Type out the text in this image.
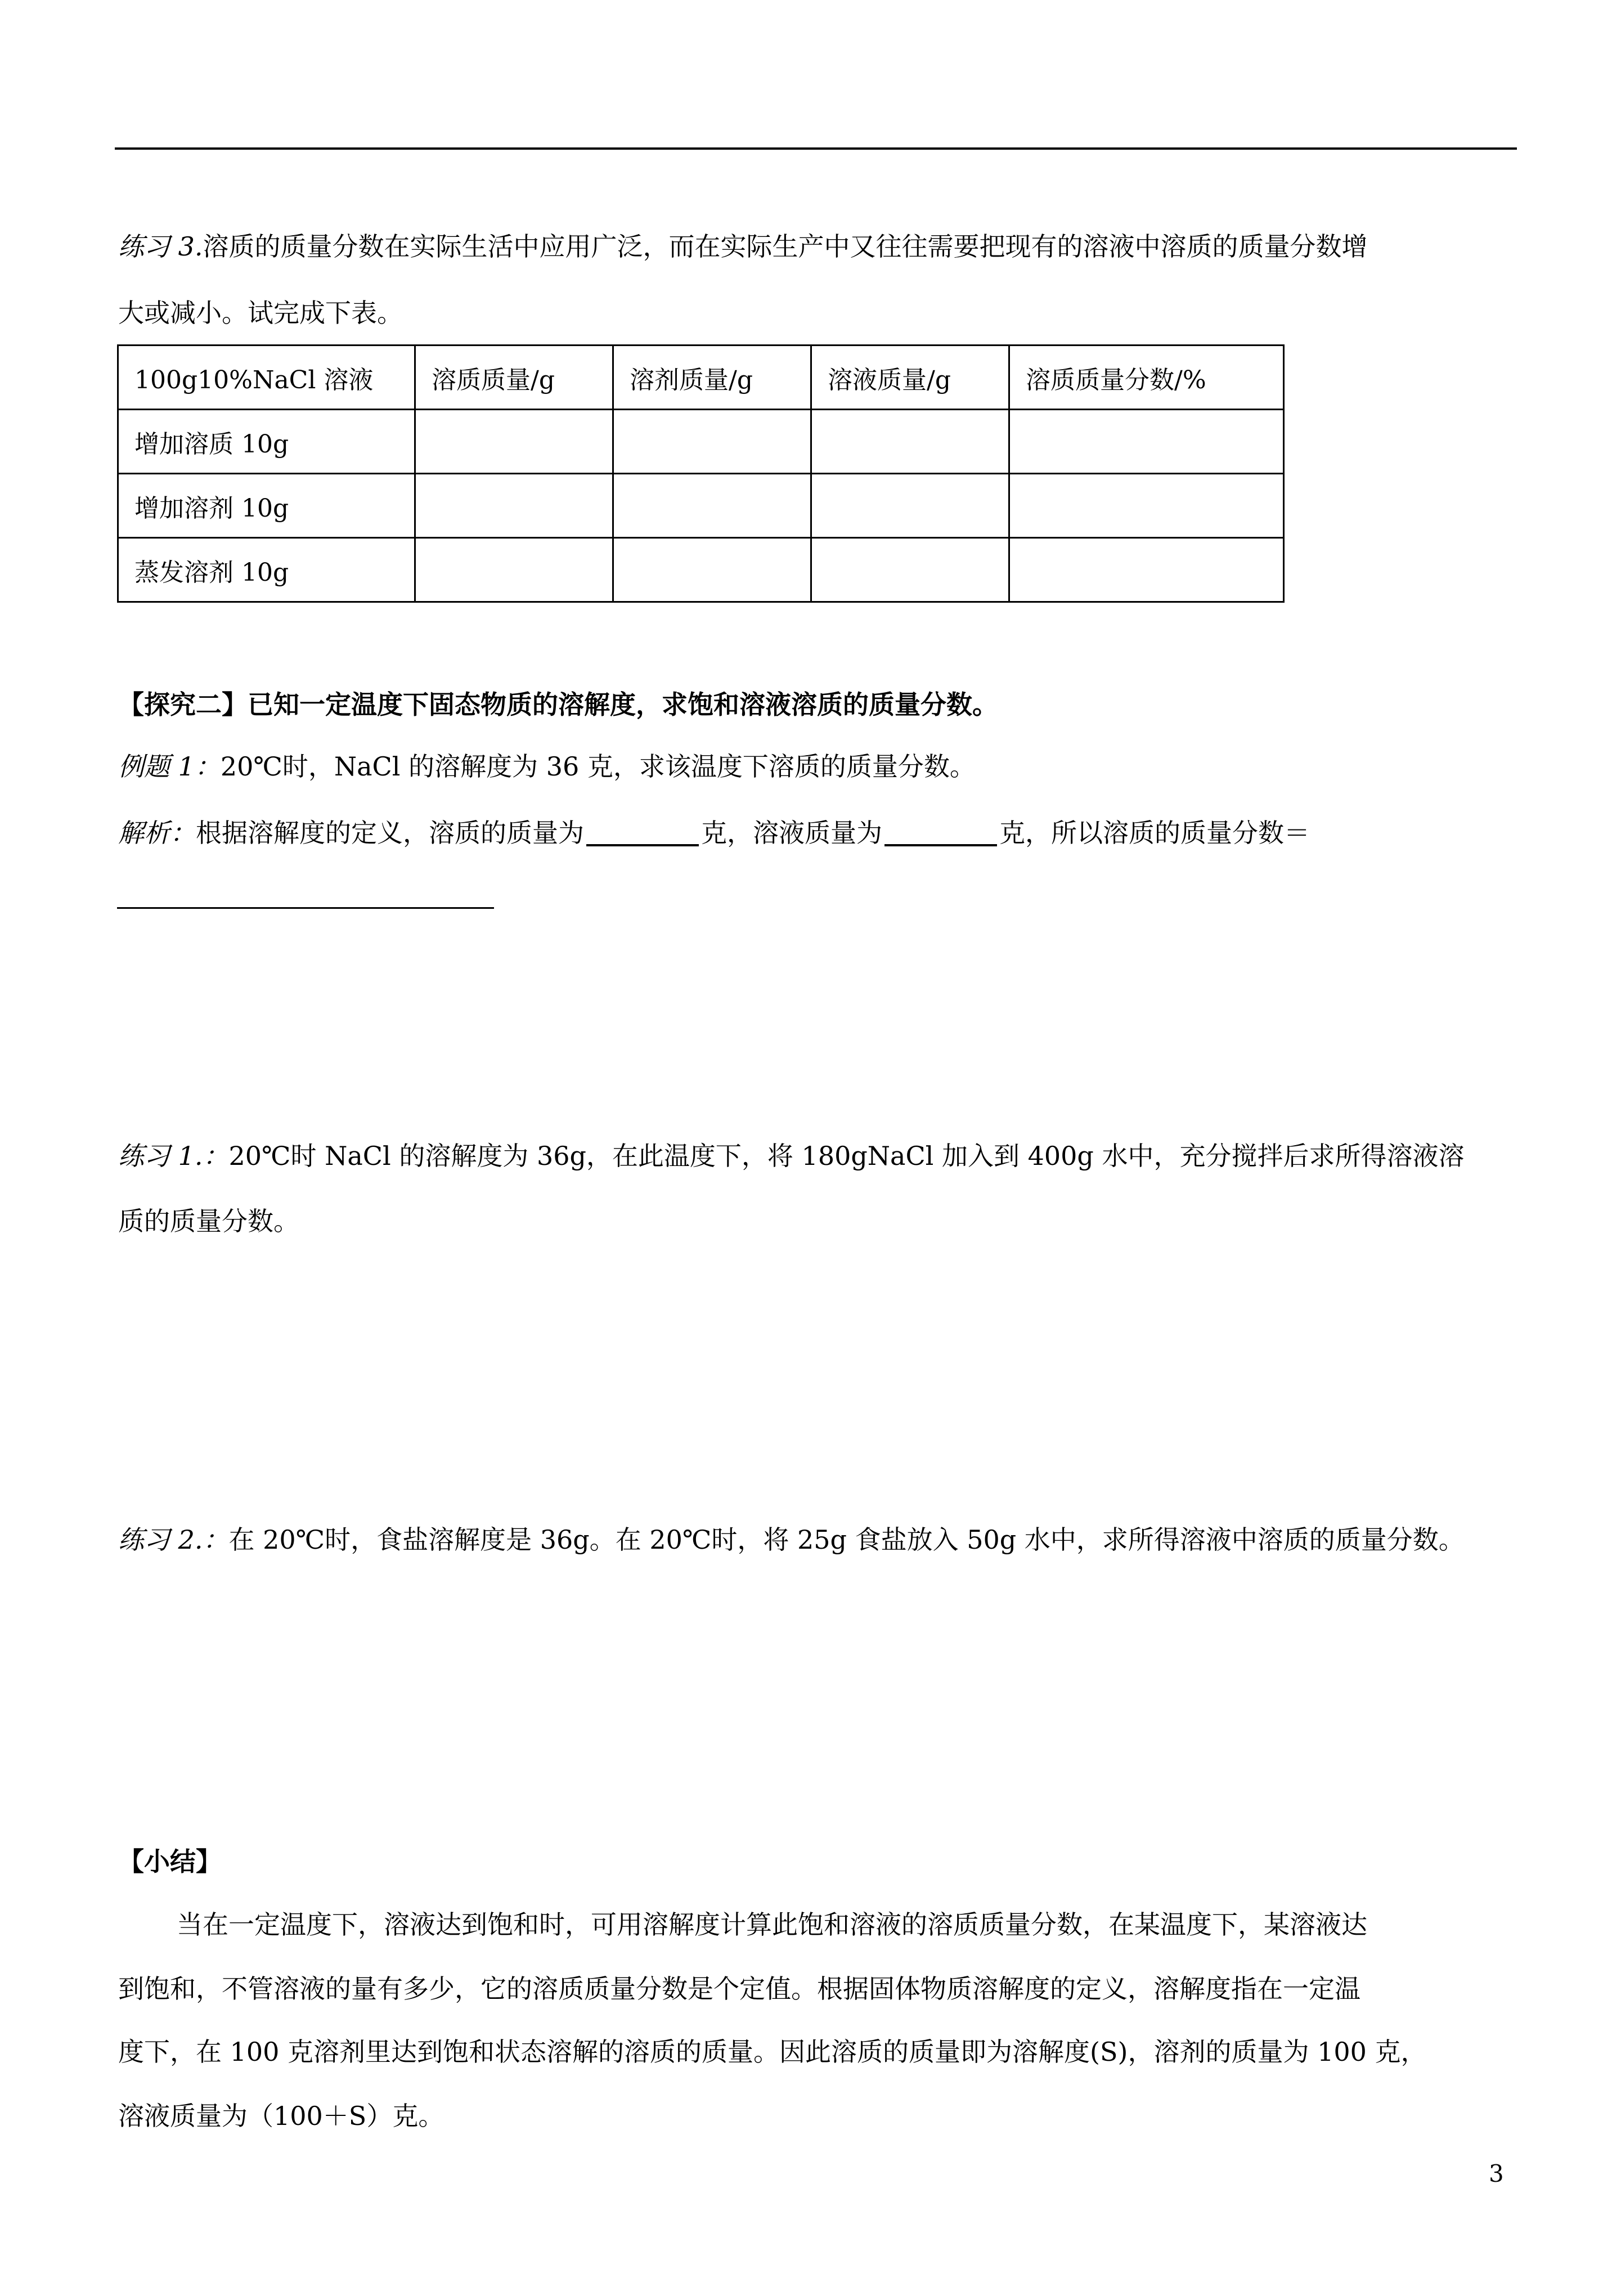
练习 3.溶质的质量分数在实际生活中应用广泛，而在实际生产中又往往需要把现有的溶液中溶质的质量分数增
大或减小。试完成下表。
100g10%NaCl 溶液	溶质质量/g	溶剂质量/g	溶液质量/g	溶质质量分数/%
增加溶质 10g				
增加溶剂 10g				
蒸发溶剂 10g				
【探究二】已知一定温度下固态物质的溶解度，求饱和溶液溶质的质量分数。
例题 1：20℃时，NaCl 的溶解度为 36 克，求该温度下溶质的质量分数。
解析：根据溶解度的定义，溶质的质量为	克，溶液质量为	克，所以溶质的质量分数＝
练习 1.：20℃时 NaCl 的溶解度为 36g，在此温度下，将 180gNaCl 加入到 400g 水中，充分搅拌后求所得溶液溶
质的质量分数。
练习 2.：在 20℃时，食盐溶解度是 36g。在 20℃时，将 25g 食盐放入 50g 水中，求所得溶液中溶质的质量分数。
【小结】
当在一定温度下，溶液达到饱和时，可用溶解度计算此饱和溶液的溶质质量分数，在某温度下，某溶液达
到饱和，不管溶液的量有多少，它的溶质质量分数是个定值。根据固体物质溶解度的定义，溶解度指在一定温
度下，在 100 克溶剂里达到饱和状态溶解的溶质的质量。因此溶质的质量即为溶解度(S)，溶剂的质量为 100 克，
溶液质量为（100＋S）克。
3
